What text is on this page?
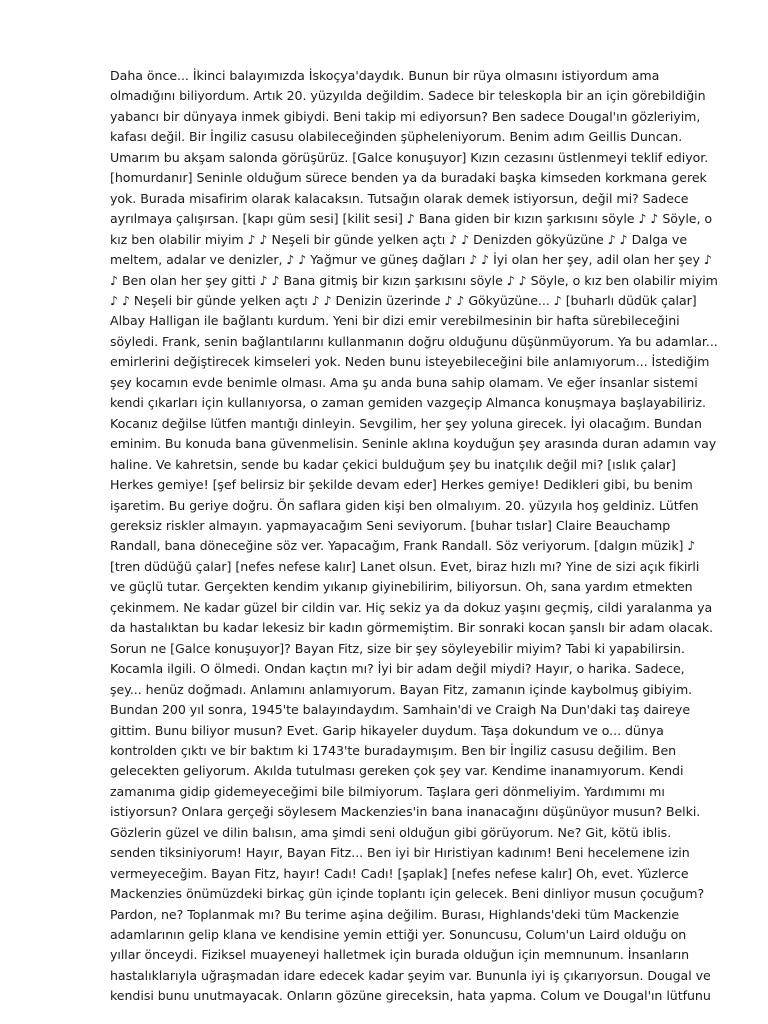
Daha önce... İkinci balayımızda İskoçya'daydık. Bunun bir rüya olmasını istiyordum ama olmadığını biliyordum. Artık 20. yüzyılda değildim. Sadece bir teleskopla bir an için görebildiğin yabancı bir dünyaya inmek gibiydi. Beni takip mi ediyorsun? Ben sadece Dougal'ın gözleriyim, kafası değil. Bir İngiliz casusu olabileceğinden şüpheleniyorum. Benim adım Geillis Duncan. Umarım bu akşam salonda görüşürüz. [Galce konuşuyor] Kızın cezasını üstlenmeyi teklif ediyor. [homurdanır] Seninle olduğum sürece benden ya da buradaki başka kimseden korkmana gerek yok. Burada misafirim olarak kalacaksın. Tutsağın olarak demek istiyorsun, değil mi? Sadece ayrılmaya çalışırsan. [kapı güm sesi] [kilit sesi] ♪ Bana giden bir kızın şarkısını söyle ♪ ♪ Söyle, o kız ben olabilir miyim ♪ ♪ Neşeli bir günde yelken açtı ♪ ♪ Denizden gökyüzüne ♪ ♪ Dalga ve meltem, adalar ve denizler, ♪ ♪ Yağmur ve güneş dağları ♪ ♪ İyi olan her şey, adil olan her şey ♪ ♪ Ben olan her şey gitti ♪ ♪ Bana gitmiş bir kızın şarkısını söyle ♪ ♪ Söyle, o kız ben olabilir miyim ♪ ♪ Neşeli bir günde yelken açtı ♪ ♪ Denizin üzerinde ♪ ♪ Gökyüzüne... ♪ [buharlı düdük çalar] Albay Halligan ile bağlantı kurdum. Yeni bir dizi emir verebilmesinin bir hafta sürebileceğini söyledi. Frank, senin bağlantılarını kullanmanın doğru olduğunu düşünmüyorum. Ya bu adamlar... emirlerini değiştirecek kimseleri yok. Neden bunu isteyebileceğini bile anlamıyorum... İstediğim şey kocamın evde benimle olması. Ama şu anda buna sahip olamam. Ve eğer insanlar sistemi kendi çıkarları için kullanıyorsa, o zaman gemiden vazgeçip Almanca konuşmaya başlayabiliriz. Kocanız değilse lütfen mantığı dinleyin. Sevgilim, her şey yoluna girecek. İyi olacağım. Bundan eminim. Bu konuda bana güvenmelisin. Seninle aklına koyduğun şey arasında duran adamın vay haline. Ve kahretsin, sende bu kadar çekici bulduğum şey bu inatçılık değil mi? [ıslık çalar] Herkes gemiye! [şef belirsiz bir şekilde devam eder] Herkes gemiye! Dedikleri gibi, bu benim işaretim. Bu geriye doğru. Ön saflara giden kişi ben olmalıyım. 20. yüzyıla hoş geldiniz. Lütfen gereksiz riskler almayın. yapmayacağım Seni seviyorum. [buhar tıslar] Claire Beauchamp Randall, bana döneceğine söz ver. Yapacağım, Frank Randall. Söz veriyorum. [dalgın müzik] ♪ [tren düdüğü çalar] [nefes nefese kalır] Lanet olsun. Evet, biraz hızlı mı? Yine de sizi açık fikirli ve güçlü tutar. Gerçekten kendim yıkanıp giyinebilirim, biliyorsun. Oh, sana yardım etmekten çekinmem. Ne kadar güzel bir cildin var. Hiç sekiz ya da dokuz yaşını geçmiş, cildi yaralanma ya da hastalıktan bu kadar lekesiz bir kadın görmemiştim. Bir sonraki kocan şanslı bir adam olacak. Sorun ne [Galce konuşuyor]? Bayan Fitz, size bir şey söyleyebilir miyim? Tabi ki yapabilirsin. Kocamla ilgili. O ölmedi. Ondan kaçtın mı? İyi bir adam değil miydi? Hayır, o harika. Sadece, şey... henüz doğmadı. Anlamını anlamıyorum. Bayan Fitz, zamanın içinde kaybolmuş gibiyim. Bundan 200 yıl sonra, 1945'te balayındaydım. Samhain'di ve Craigh Na Dun'daki taş daireye gittim. Bunu biliyor musun? Evet. Garip hikayeler duydum. Taşa dokundum ve o... dünya kontrolden çıktı ve bir baktım ki 1743'te buradaymışım. Ben bir İngiliz casusu değilim. Ben gelecekten geliyorum. Akılda tutulması gereken çok şey var. Kendime inanamıyorum. Kendi zamanıma gidip gidemeyeceğimi bile bilmiyorum. Taşlara geri dönmeliyim. Yardımımı mı istiyorsun? Onlara gerçeği söylesem Mackenzies'in bana inanacağını düşünüyor musun? Belki. Gözlerin güzel ve dilin balısın, ama şimdi seni olduğun gibi görüyorum. Ne? Git, kötü iblis. senden tiksiniyorum! Hayır, Bayan Fitz... Ben iyi bir Hıristiyan kadınım! Beni hecelemene izin vermeyeceğim. Bayan Fitz, hayır! Cadı! Cadı! [şaplak] [nefes nefese kalır] Oh, evet. Yüzlerce Mackenzies önümüzdeki birkaç gün içinde toplantı için gelecek. Beni dinliyor musun çocuğum? Pardon, ne? Toplanmak mı? Bu terime aşina değilim. Burası, Highlands'deki tüm Mackenzie adamlarının gelip klana ve kendisine yemin ettiği yer. Sonuncusu, Colum'un Laird olduğu on yıllar önceydi. Fiziksel muayeneyi halletmek için burada olduğun için memnunum. İnsanların hastalıklarıyla uğraşmadan idare edecek kadar şeyim var. Bununla iyi iş çıkarıyorsun. Dougal ve kendisi bunu unutmayacak. Onların gözüne gireceksin, hata yapma. Colum ve Dougal'ın lütfunu
